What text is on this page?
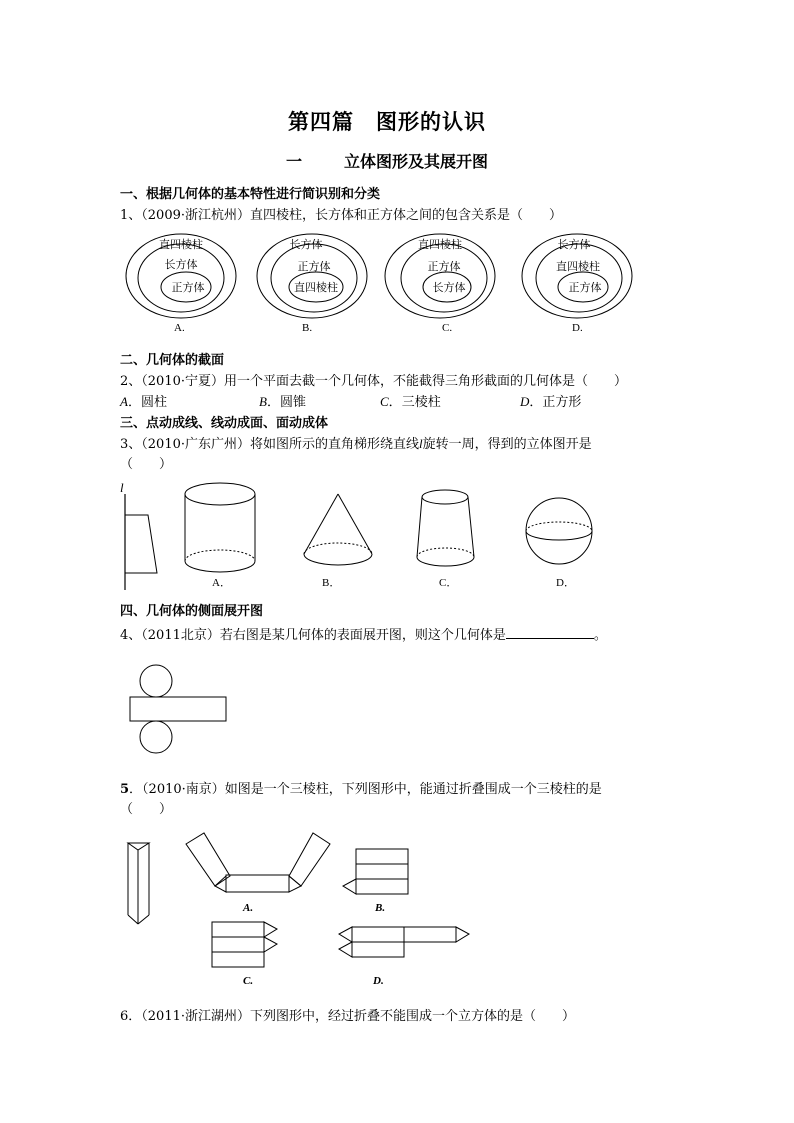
第四篇　图形的认识
一	立体图形及其展开图
一、根据几何体的基本特性进行简识别和分类
1、（2009·浙江杭州）直四棱柱，长方体和正方体之间的包含关系是（　　）
直四棱柱
长方体
正方体
A.
长方体
正方体
直四棱柱
B.
直四棱柱
正方体
长方体
C.
长方体
直四棱柱
正方体
D.
二、几何体的截面
2、（2010·宁夏）用一个平面去截一个几何体，不能截得三角形截面的几何体是（　　）
A．圆柱	B．圆锥	C．三棱柱	D．正方形
三、点动成线、线动成面、面动成体
3、（2010·广东广州）将如图所示的直角梯形绕直线l旋转一周，得到的立体图开是
（　　）
l
A．	B．	C．	D．
四、几何体的侧面展开图
4、（2011北京）若右图是某几何体的表面展开图，则这个几何体是	。
5．（2010·南京）如图是一个三棱柱，下列图形中，能通过折叠围成一个三棱柱的是
（　　）
A.	B.
C.	D.
6．（2011·浙江湖州）下列图形中，经过折叠不能围成一个立方体的是（　　）
